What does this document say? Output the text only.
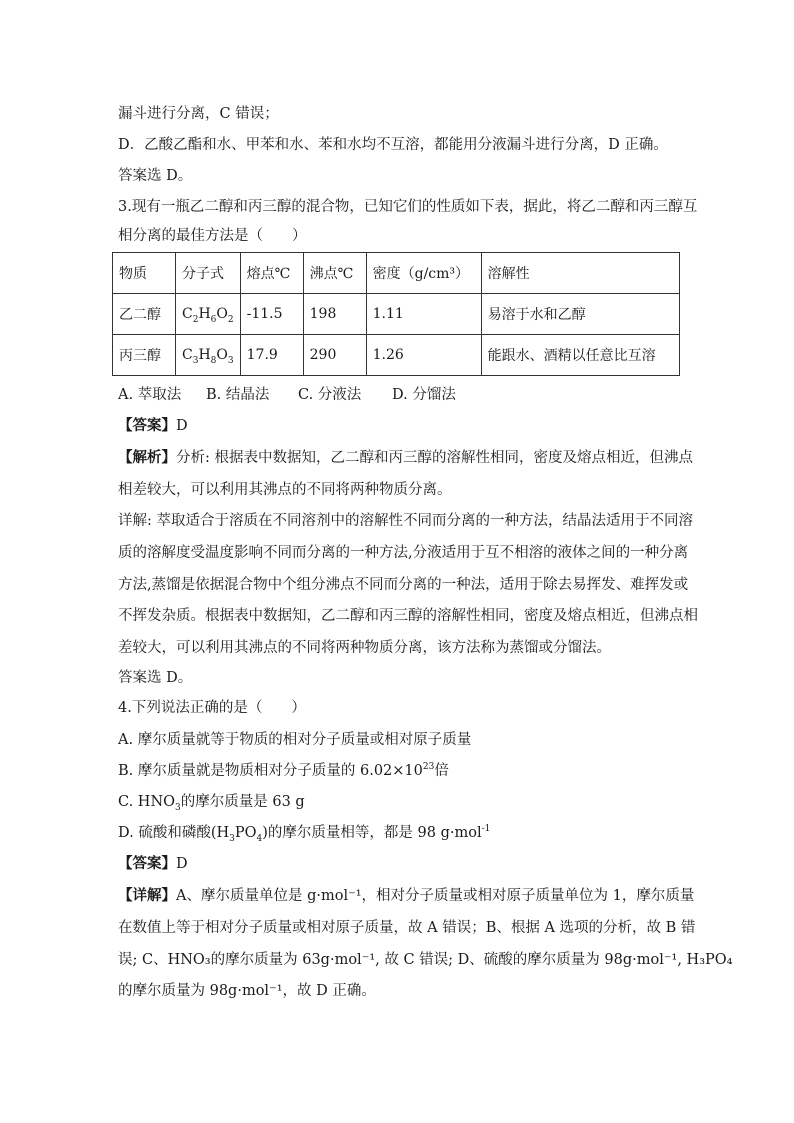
漏斗进行分离，C 错误；
D．乙酸乙酯和水、甲苯和水、苯和水均不互溶，都能用分液漏斗进行分离，D 正确。
答案选 D。
3.现有一瓶乙二醇和丙三醇的混合物，已知它们的性质如下表，据此，将乙二醇和丙三醇互
相分离的最佳方法是（　　）
物质	分子式	熔点℃	沸点℃	密度（g/cm³）	溶解性
乙二醇	$C_2H_6O_2$	-11.5	198	1.11	易溶于水和乙醇
丙三醇	$C_3H_8O_3$	17.9	290	1.26	能跟水、酒精以任意比互溶
A. 萃取法 B. 结晶法 C. 分液法 D. 分馏法
【答案】D
【解析】分析: 根据表中数据知，乙二醇和丙三醇的溶解性相同，密度及熔点相近，但沸点
相差较大，可以利用其沸点的不同将两种物质分离。
详解: 萃取适合于溶质在不同溶剂中的溶解性不同而分离的一种方法，结晶法适用于不同溶
质的溶解度受温度影响不同而分离的一种方法,分液适用于互不相溶的液体之间的一种分离
方法,蒸馏是依据混合物中个组分沸点不同而分离的一种法，适用于除去易挥发、难挥发或
不挥发杂质。根据表中数据知，乙二醇和丙三醇的溶解性相同，密度及熔点相近，但沸点相
差较大，可以利用其沸点的不同将两种物质分离，该方法称为蒸馏或分馏法。
答案选 D。
4.下列说法正确的是（　　）
A. 摩尔质量就等于物质的相对分子质量或相对原子质量
B. 摩尔质量就是物质相对分子质量的 $6.02\times 10^{23}$倍
C. $HNO_3$的摩尔质量是 63 g
D. 硫酸和磷酸$(H_3PO_4)$的摩尔质量相等，都是 98 g·mol$^{-1}$
【答案】D
【详解】A、摩尔质量单位是 g·mol⁻¹，相对分子质量或相对原子质量单位为 1，摩尔质量
在数值上等于相对分子质量或相对原子质量，故 A 错误；B、根据 A 选项的分析，故 B 错
误; C、HNO₃的摩尔质量为 63g·mol⁻¹, 故 C 错误; D、硫酸的摩尔质量为 98g·mol⁻¹, H₃PO₄
的摩尔质量为 98g·mol⁻¹，故 D 正确。
